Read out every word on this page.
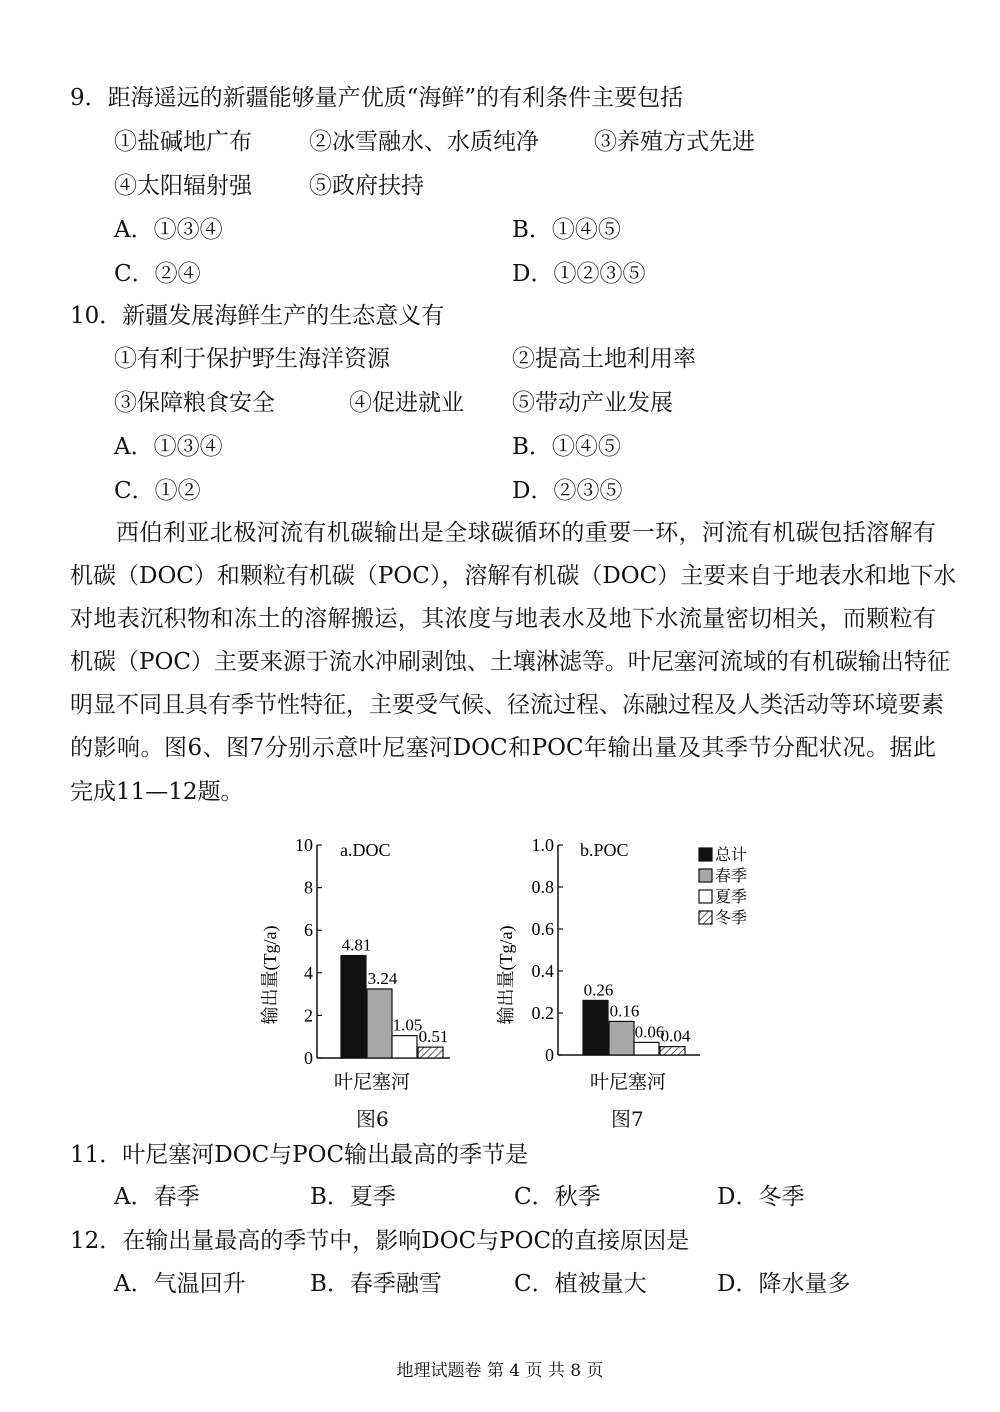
9．距海遥远的新疆能够量产优质“海鲜”的有利条件主要包括
①盐碱地广布 ②冰雪融水、水质纯净 ③养殖方式先进
④太阳辐射强 ⑤政府扶持
A．①③④	B．①④⑤
C．②④	D．①②③⑤
10．新疆发展海鲜生产的生态意义有
①有利于保护野生海洋资源	②提高土地利用率
③保障粮食安全	④促进就业 ⑤带动产业发展
A．①③④	B．①④⑤
C．①②	D．②③⑤
西伯利亚北极河流有机碳输出是全球碳循环的重要一环，河流有机碳包括溶解有
机碳（DOC）和颗粒有机碳（POC），溶解有机碳（DOC）主要来自于地表水和地下水
对地表沉积物和冻土的溶解搬运，其浓度与地表水及地下水流量密切相关，而颗粒有
机碳（POC）主要来源于流水冲刷剥蚀、土壤淋滤等。叶尼塞河流域的有机碳输出特征
明显不同且具有季节性特征，主要受气候、径流过程、冻融过程及人类活动等环境要素
的影响。图6、图7分别示意叶尼塞河DOC和POC年输出量及其季节分配状况。据此
完成11—12题。
a.DOC
输出量(Tg/a)
0
2
4
6
8
10
4.81
3.24
1.05
0.51
叶尼塞河
b.POC
输出量(Tg/a)
0
0.2
0.4
0.6
0.8
1.0
0.26
0.16
0.06
0.04
叶尼塞河
总计
春季
夏季
冬季
图6	图7
11．叶尼塞河DOC与POC输出最高的季节是
A．春季	B．夏季	C．秋季	D．冬季
12．在输出量最高的季节中，影响DOC与POC的直接原因是
A．气温回升	B．春季融雪	C．植被量大	D．降水量多
地理试题卷 第 4 页 共 8 页
